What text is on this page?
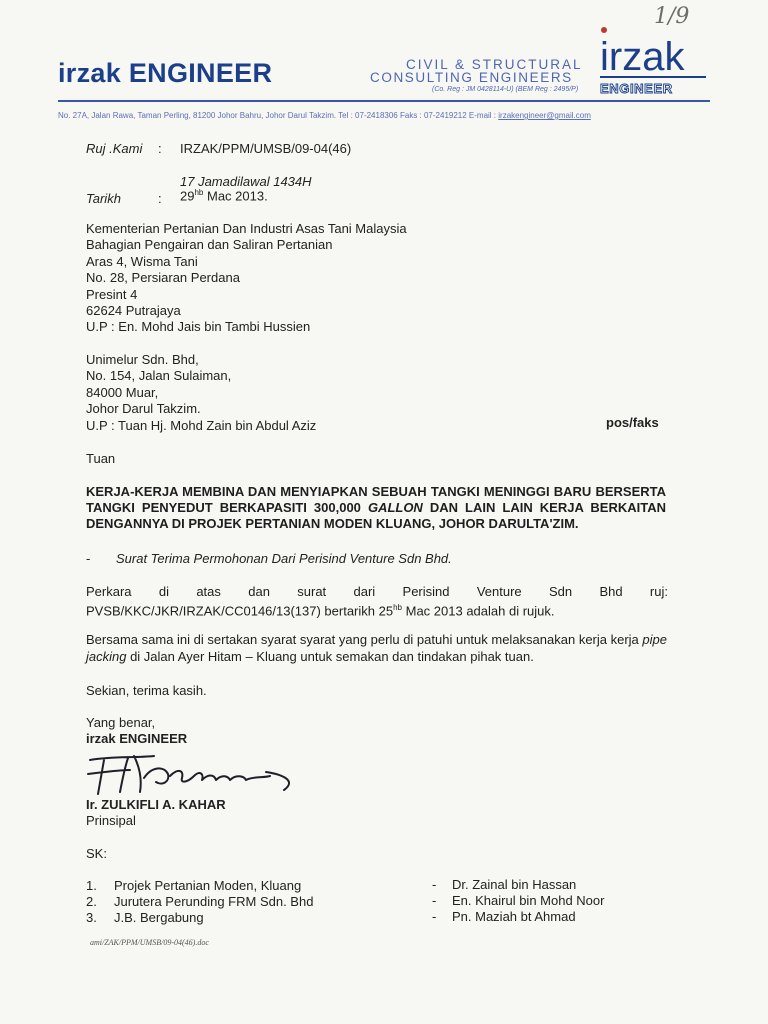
1/9
irzak ENGINEER	CIVIL & STRUCTURAL
CONSULTING ENGINEERS
(Co. Reg : JM 0428114-U) (BEM Reg : 2495/P)
irzak
ENGINEER
No. 27A, Jalan Rawa, Taman Perling, 81200 Johor Bahru, Johor Darul Takzim. Tel : 07-2418306 Faks : 07-2419212 E-mail : irzakengineer@gmail.com
Ruj .Kami : IRZAK/PPM/UMSB/09-04(46)
17 Jamadilawal 1434H
Tarikh	: $29^{hb}$ Mac 2013.
Kementerian Pertanian Dan Industri Asas Tani Malaysia
Bahagian Pengairan dan Saliran Pertanian
Aras 4, Wisma Tani
No. 28, Persiaran Perdana
Presint 4
62624 Putrajaya
U.P : En. Mohd Jais bin Tambi Hussien
Unimelur Sdn. Bhd,
No. 154, Jalan Sulaiman,
84000 Muar,
Johor Darul Takzim.
U.P : Tuan Hj. Mohd Zain bin Abdul Aziz	pos/faks
Tuan
KERJA-KERJA MEMBINA DAN MENYIAPKAN SEBUAH TANGKI MENINGGI BARU BERSERTA TANGKI PENYEDUT BERKAPASITI 300,000 GALLON DAN LAIN LAIN KERJA BERKAITAN DENGANNYA DI PROJEK PERTANIAN MODEN KLUANG, JOHOR DARULTA'ZIM.
- Surat Terima Permohonan Dari Perisind Venture Sdn Bhd.
Perkara di atas dan surat dari Perisind Venture Sdn Bhd ruj:
PVSB/KKC/JKR/IRZAK/CC0146/13(137) bertarikh $25^{hb}$ Mac 2013 adalah di rujuk.
Bersama sama ini di sertakan syarat syarat yang perlu di patuhi untuk melaksanakan kerja kerja pipe jacking di Jalan Ayer Hitam – Kluang untuk semakan dan tindakan pihak tuan.
Sekian, terima kasih.
Yang benar,
irzak ENGINEER
Ir. ZULKIFLI A. KAHAR
Prinsipal
SK:
1. Projek Pertanian Moden, Kluang	- Dr. Zainal bin Hassan
2. Jurutera Perunding FRM Sdn. Bhd	- En. Khairul bin Mohd Noor
3. J.B. Bergabung	- Pn. Maziah bt Ahmad
ami/ZAK/PPM/UMSB/09-04(46).doc
